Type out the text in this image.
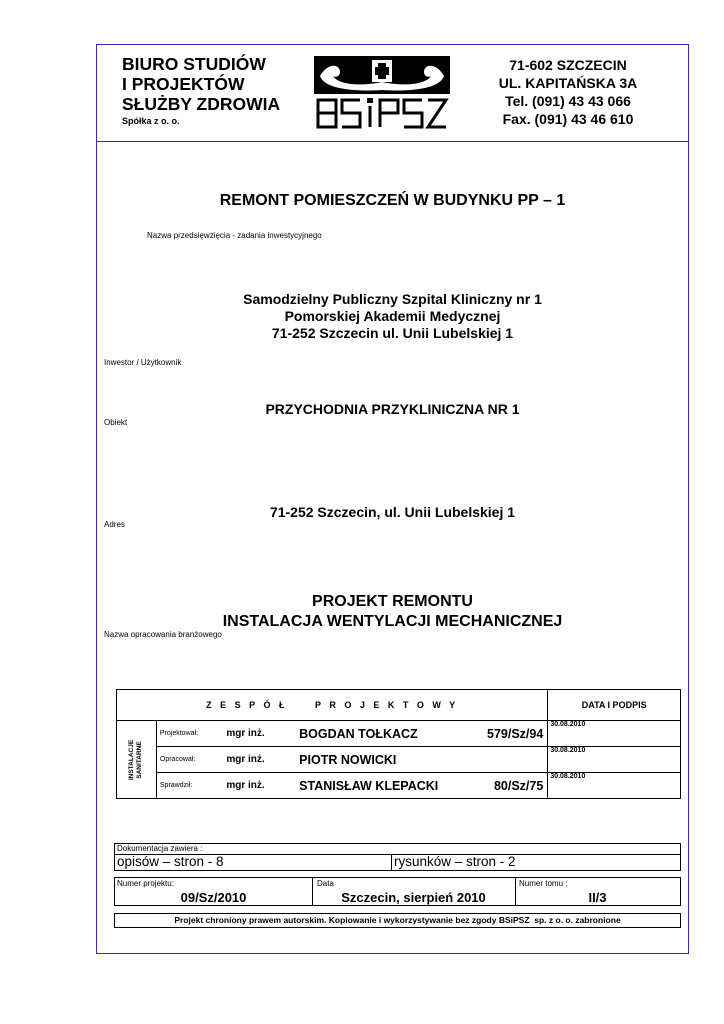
BIURO STUDIÓW
I PROJEKTÓW
SŁUŻBY ZDROWIA
Spółka z o. o.
71-602 SZCZECIN
UL. KAPITAŃSKA 3A
Tel. (091) 43 43 066
Fax. (091) 43 46 610
REMONT POMIESZCZEŃ W BUDYNKU PP – 1
Nazwa przedsięwzięcia - zadania inwestycyjnego
Samodzielny Publiczny Szpital Kliniczny nr 1
Pomorskiej Akademii Medycznej
71-252 Szczecin ul. Unii Lubelskiej 1
Inwestor / Użytkownik
PRZYCHODNIA PRZYKLINICZNA NR 1
Obiekt
71-252 Szczecin, ul. Unii Lubelskiej 1
Adres
PROJEKT REMONTU
INSTALACJA WENTYLACJI MECHANICZNEJ
Nazwa opracowania branżowego
Z E S P Ó Ł     P R O J E K T O W Y					DATA I PODPIS

INSTALACJE SANITARNE	Projektował:	mgr inż.	BOGDAN TOŁKACZ	579/Sz/94	30.08.2010
	Opracował:	mgr inż.	PIOTR NOWICKI		30.08.2010
	Sprawdził:	mgr inż.	STANISŁAW KLEPACKI	80/Sz/75	30.08.2010
Dokumentacja zawiera :
opisów – stron - 8	rysunków – stron - 2
Numer projektu:
09/Sz/2010
Data
Szczecin, sierpień 2010
Numer tomu :
II/3
Projekt chroniony prawem autorskim. Kopiowanie i wykorzystywanie bez zgody BSiPSZ  sp. z o. o. zabronione
